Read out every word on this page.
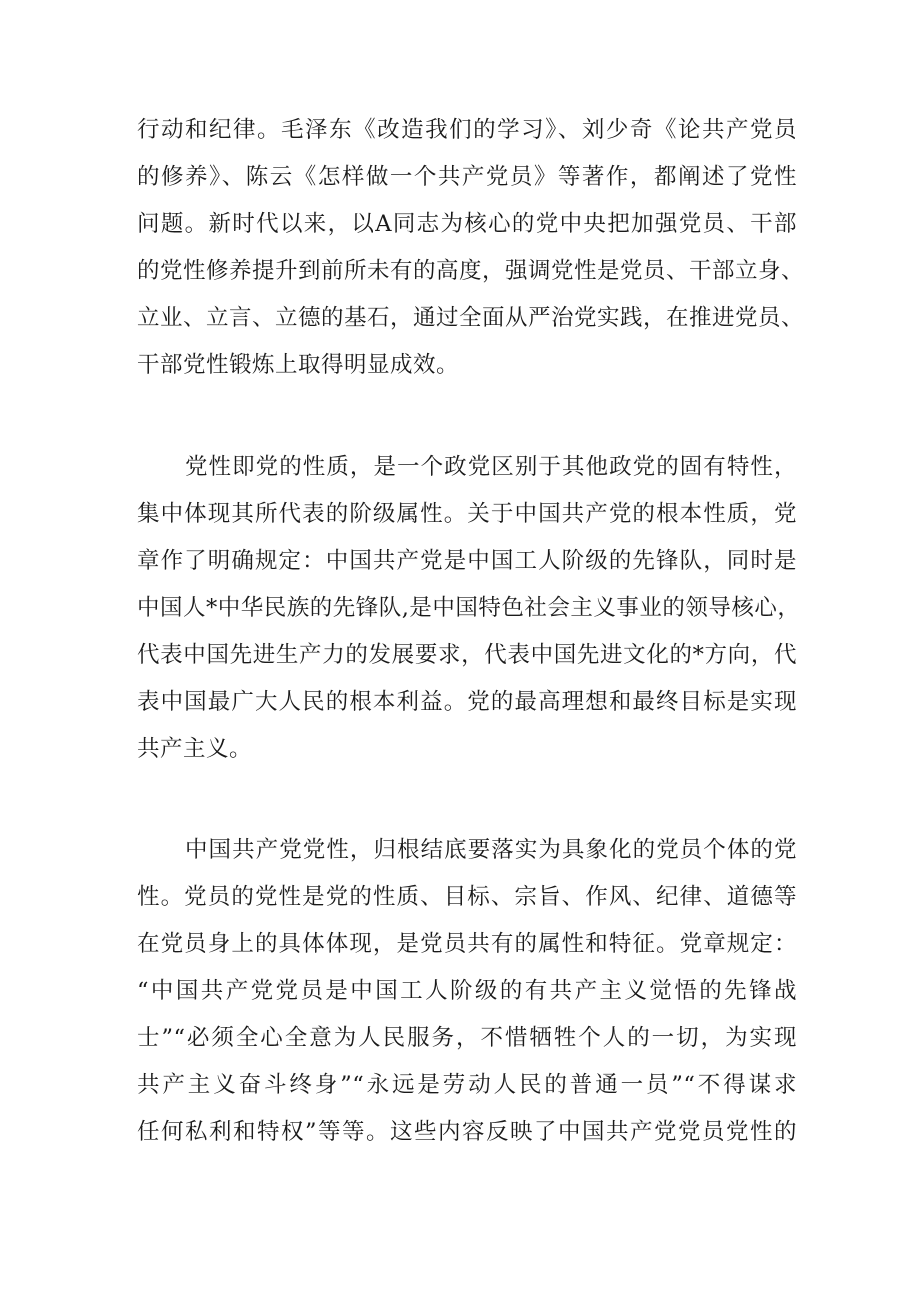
行动和纪律。毛泽东《改造我们的学习》、刘少奇《论共产党员
的修养》、陈云《怎样做一个共产党员》等著作，都阐述了党性
问题。新时代以来，以A同志为核心的党中央把加强党员、干部
的党性修养提升到前所未有的高度，强调党性是党员、干部立身、
立业、立言、立德的基石，通过全面从严治党实践，在推进党员、
干部党性锻炼上取得明显成效。
党性即党的性质，是一个政党区别于其他政党的固有特性，
集中体现其所代表的阶级属性。关于中国共产党的根本性质，党
章作了明确规定：中国共产党是中国工人阶级的先锋队，同时是
中国人*中华民族的先锋队,是中国特色社会主义事业的领导核心，
代表中国先进生产力的发展要求，代表中国先进文化的*方向，代
表中国最广大人民的根本利益。党的最高理想和最终目标是实现
共产主义。
中国共产党党性，归根结底要落实为具象化的党员个体的党
性。党员的党性是党的性质、目标、宗旨、作风、纪律、道德等
在党员身上的具体体现，是党员共有的属性和特征。党章规定：
“中国共产党党员是中国工人阶级的有共产主义觉悟的先锋战
士”“必须全心全意为人民服务，不惜牺牲个人的一切，为实现
共产主义奋斗终身”“永远是劳动人民的普通一员”“不得谋求
任何私利和特权”等等。这些内容反映了中国共产党党员党性的
